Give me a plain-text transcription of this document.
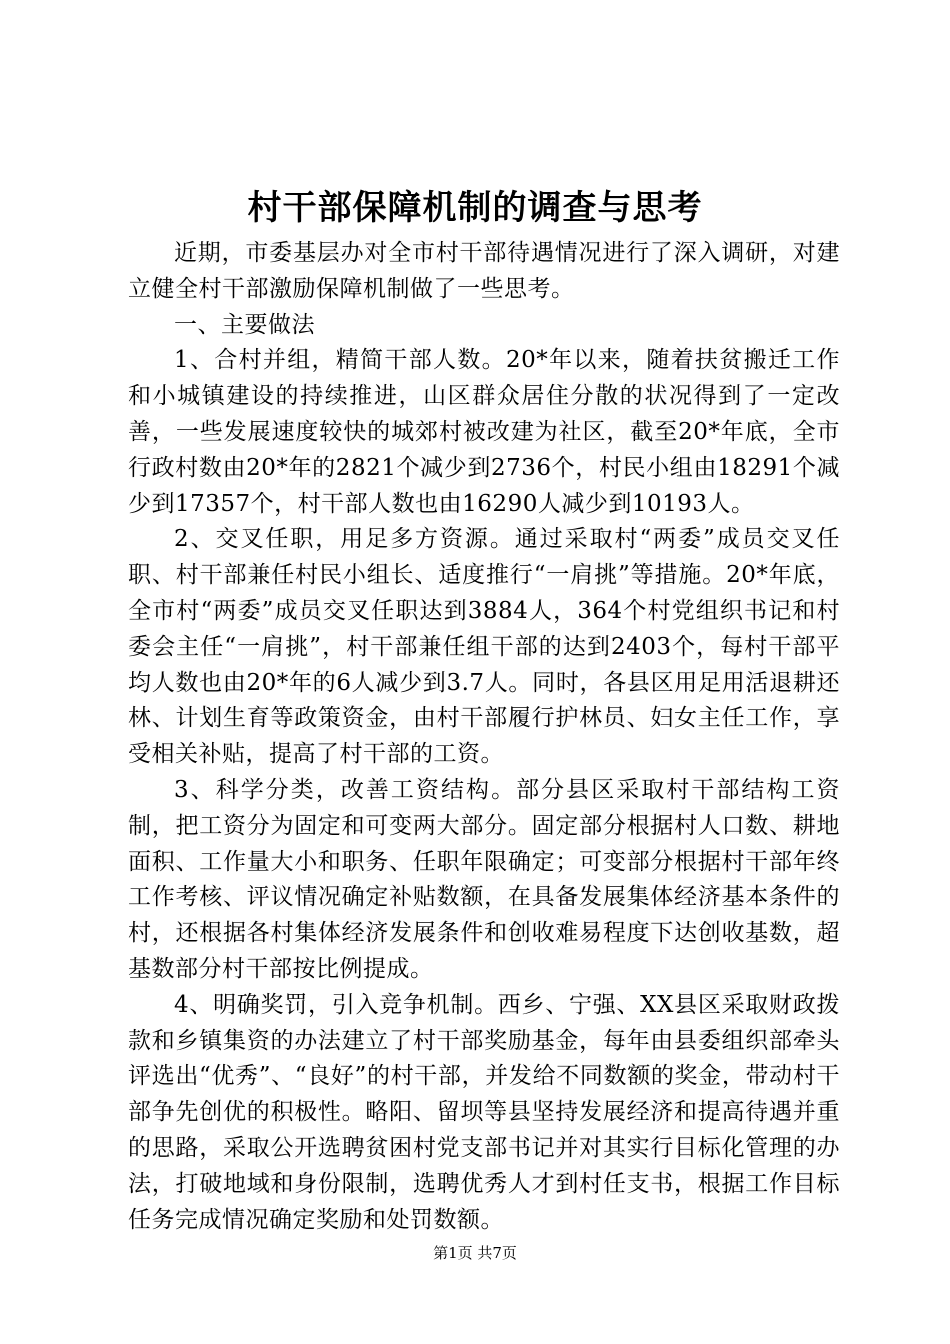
村干部保障机制的调查与思考

近期，市委基层办对全市村干部待遇情况进行了深入调研，对建立健全村干部激励保障机制做了一些思考。

一、主要做法

1、合村并组，精简干部人数。20*年以来，随着扶贫搬迁工作和小城镇建设的持续推进，山区群众居住分散的状况得到了一定改善，一些发展速度较快的城郊村被改建为社区，截至20*年底，全市行政村数由20*年的2821个减少到2736个，村民小组由18291个减少到17357个，村干部人数也由16290人减少到10193人。

2、交叉任职，用足多方资源。通过采取村“两委”成员交叉任职、村干部兼任村民小组长、适度推行“一肩挑”等措施。20*年底，全市村“两委”成员交叉任职达到3884人，364个村党组织书记和村委会主任“一肩挑”，村干部兼任组干部的达到2403个，每村干部平均人数也由20*年的6人减少到3.7人。同时，各县区用足用活退耕还林、计划生育等政策资金，由村干部履行护林员、妇女主任工作，享受相关补贴，提高了村干部的工资。

3、科学分类，改善工资结构。部分县区采取村干部结构工资制，把工资分为固定和可变两大部分。固定部分根据村人口数、耕地面积、工作量大小和职务、任职年限确定；可变部分根据村干部年终工作考核、评议情况确定补贴数额，在具备发展集体经济基本条件的村，还根据各村集体经济发展条件和创收难易程度下达创收基数，超基数部分村干部按比例提成。

4、明确奖罚，引入竞争机制。西乡、宁强、XX县区采取财政拨款和乡镇集资的办法建立了村干部奖励基金，每年由县委组织部牵头评选出“优秀”、“良好”的村干部，并发给不同数额的奖金，带动村干部争先创优的积极性。略阳、留坝等县坚持发展经济和提高待遇并重的思路，采取公开选聘贫困村党支部书记并对其实行目标化管理的办法，打破地域和身份限制，选聘优秀人才到村任支书，根据工作目标任务完成情况确定奖励和处罚数额。

第1页 共7页
